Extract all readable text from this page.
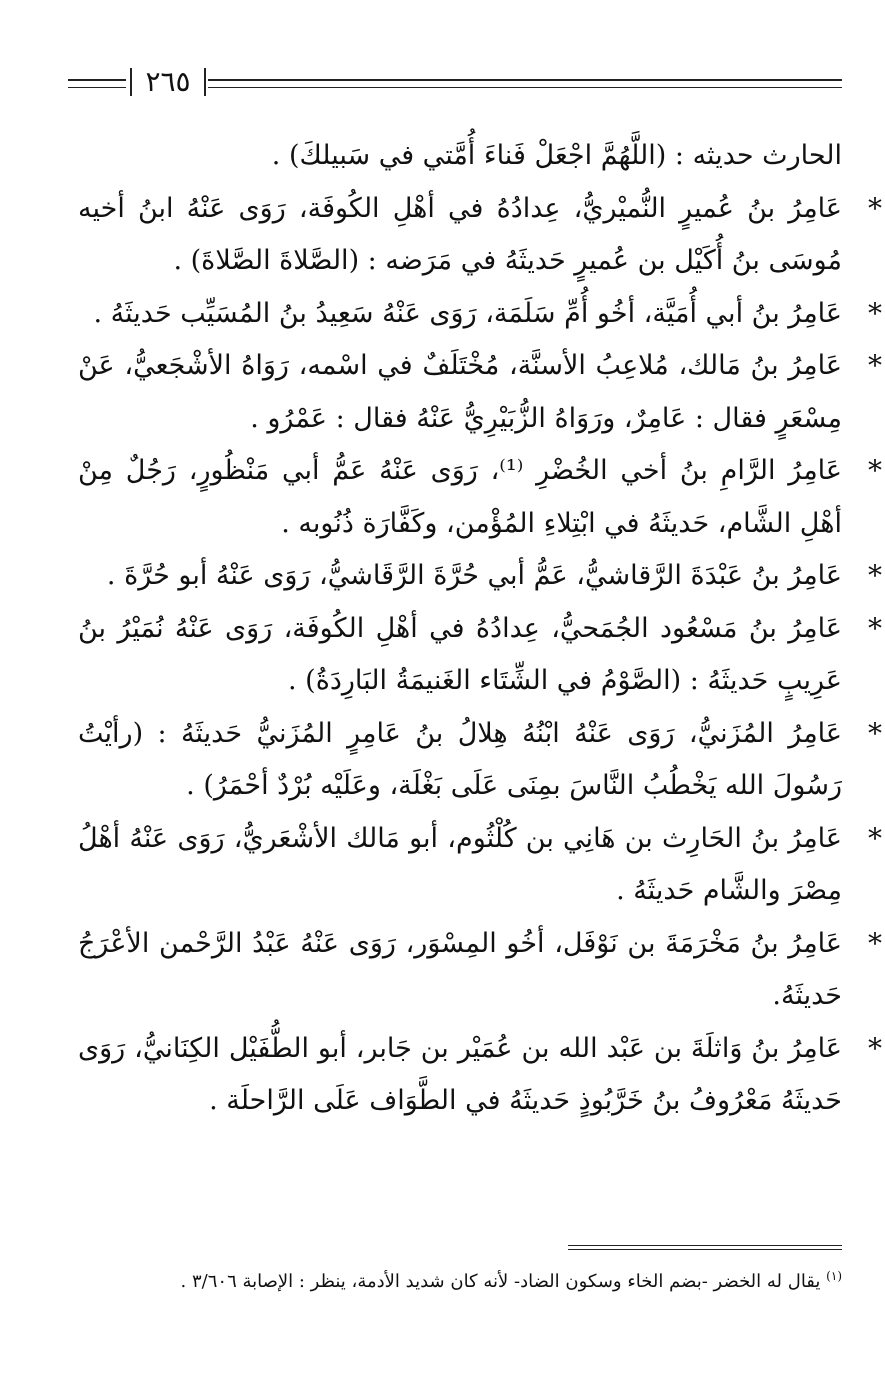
٢٦٥

الحارث حديثه : (اللَّهُمَّ اجْعَلْ فَناءَ أُمَّتي في سَبيلكَ) .

*
عَامِرُ بنُ عُميرٍ النُّميْريُّ، عِدادُهُ في أهْلِ الكُوفَة، رَوَى عَنْهُ ابنُ أخيه مُوسَى بنُ أُكَيْل بن عُميرٍ حَديثَهُ في مَرَضه : (الصَّلاةَ الصَّلاةَ) .

*
عَامِرُ بنُ أبي أُمَيَّة، أخُو أُمِّ سَلَمَة، رَوَى عَنْهُ سَعِيدُ بنُ المُسَيِّب حَديثَهُ .

*
عَامِرُ بنُ مَالك، مُلاعِبُ الأسنَّة، مُخْتَلَفٌ في اسْمه، رَوَاهُ الأشْجَعيُّ، عَنْ مِسْعَرٍ فقال : عَامِرٌ، ورَوَاهُ الزُّبَيْرِيُّ عَنْهُ فقال : عَمْرُو .

*
عَامِرُ الرَّامِ بنُ أخي الخُضْرِ ⁽¹⁾، رَوَى عَنْهُ عَمُّ أبي مَنْظُورٍ، رَجُلٌ مِنْ أهْلِ الشَّام، حَديثَهُ في ابْتِلاءِ المُؤْمن، وكَفَّارَة ذُنُوبه .

*
عَامِرُ بنُ عَبْدَةَ الرَّقاشيُّ، عَمُّ أبي حُرَّةَ الرَّقَاشيُّ، رَوَى عَنْهُ أبو حُرَّةَ .

*
عَامِرُ بنُ مَسْعُود الجُمَحيُّ، عِدادُهُ في أهْلِ الكُوفَة، رَوَى عَنْهُ نُمَيْرُ بنُ عَرِيبٍ حَديثَهُ : (الصَّوْمُ في الشِّتَاء الغَنيمَةُ البَارِدَةُ) .

*
عَامِرُ المُزَنيُّ، رَوَى عَنْهُ ابْنُهُ هِلالُ بنُ عَامِرٍ المُزَنيُّ حَديثَهُ : (رأيْتُ رَسُولَ الله يَخْطُبُ النَّاسَ بمِنَى عَلَى بَغْلَة، وعَلَيْه بُرْدٌ أحْمَرُ) .

*
عَامِرُ بنُ الحَارِث بن هَانِي بن كُلْثُوم، أبو مَالك الأشْعَريُّ، رَوَى عَنْهُ أهْلُ مِصْرَ والشَّام حَديثَهُ .

*
عَامِرُ بنُ مَخْرَمَةَ بن نَوْفَل، أخُو المِسْوَر، رَوَى عَنْهُ عَبْدُ الرَّحْمن الأعْرَجُ حَديثَهُ.

*
عَامِرُ بنُ وَاثلَةَ بن عَبْد الله بن عُمَيْر بن جَابر، أبو الطُّفَيْل الكِنَانيُّ، رَوَى حَديثَهُ مَعْرُوفُ بنُ خَرَّبُوذٍ حَديثَهُ في الطَّوَاف عَلَى الرَّاحلَة .

$^{(١)}$ يقال له الخضر -بضم الخاء وسكون الضاد- لأنه كان شديد الأدمة، ينظر : الإصابة ٣/٦٠٦ .
